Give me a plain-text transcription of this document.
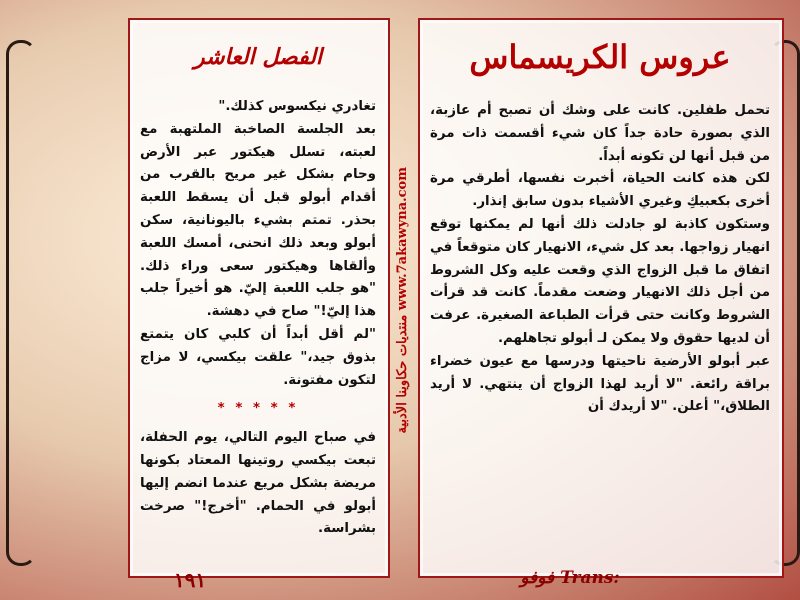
الفصل العاشر	عروس الكريسماس
منتديات حكاوينا الأدبية www.7akawyna.com

تغادري نيكسوس كذلك."

بعد الجلسة الصاخبة الملتهبة مع لعبته، تسلل هيكتور عبر الأرض وحام بشكل غير مريح بالقرب من أقدام أبولو قبل أن يسقط اللعبة بحذر. تمتم بشيء باليونانية، سكن أبولو وبعد ذلك انحنى، أمسك اللعبة وألقاها وهيكتور سعى وراء ذلك. "هو جلب اللعبة إليّ. هو أخيراً جلب هذا إليّ!" صاح في دهشة.

"لم أقل أبداً أن كلبي كان يتمتع بذوق جيد،" علقت بيكسي، لا مزاج لتكون مفتونة.

* * * * *

في صباح اليوم التالي، يوم الحفلة، تبعت بيكسي روتينها المعتاد بكونها مريضة بشكل مريع عندما انضم إليها أبولو في الحمام. "أخرج!" صرخت بشراسة.

تحمل طفلين. كانت على وشك أن تصبح أم عازبة، الذي بصورة حادة جداً كان شيء أقسمت ذات مرة من قبل أنها لن تكونه أبداً.

لكن هذه كانت الحياة، أخبرت نفسها، أطرقي مرة أخرى بكعبيكِ وغيري الأشياء بدون سابق إنذار.

وستكون كاذبة لو جادلت ذلك أنها لم يمكنها توقع انهيار زواجها. بعد كل شيء، الانهيار كان متوقعاً في اتفاق ما قبل الزواج الذي وقعت عليه وكل الشروط من أجل ذلك الانهيار وضعت مقدماً. كانت قد قرأت الشروط وكانت حتى قرأت الطباعة الصغيرة. عرفت أن لديها حقوق ولا يمكن لـ أبولو تجاهلهم.

عبر أبولو الأرضية ناحيتها ودرسها مع عيون خضراء براقة رائعة. "لا أريد لهذا الزواج أن ينتهي. لا أريد الطلاق،" أعلن. "لا أريدك أن

١٩١	فوفو Trans:
